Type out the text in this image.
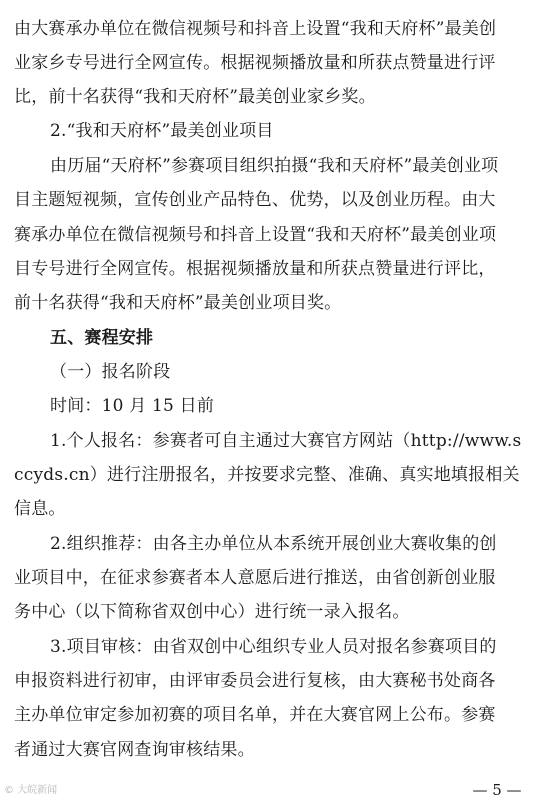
由大赛承办单位在微信视频号和抖音上设置“我和天府杯”最美创
业家乡专号进行全网宣传。根据视频播放量和所获点赞量进行评
比，前十名获得“我和天府杯”最美创业家乡奖。
2.“我和天府杯”最美创业项目
由历届“天府杯”参赛项目组织拍摄“我和天府杯”最美创业项
目主题短视频，宣传创业产品特色、优势，以及创业历程。由大
赛承办单位在微信视频号和抖音上设置“我和天府杯”最美创业项
目专号进行全网宣传。根据视频播放量和所获点赞量进行评比，
前十名获得“我和天府杯”最美创业项目奖。
五、赛程安排
（一）报名阶段
时间：10 月 15 日前
1.个人报名：参赛者可自主通过大赛官方网站（http://www.s
ccyds.cn）进行注册报名，并按要求完整、准确、真实地填报相关
信息。
2.组织推荐：由各主办单位从本系统开展创业大赛收集的创
业项目中，在征求参赛者本人意愿后进行推送，由省创新创业服
务中心（以下简称省双创中心）进行统一录入报名。
3.项目审核：由省双创中心组织专业人员对报名参赛项目的
申报资料进行初审，由评审委员会进行复核，由大赛秘书处商各
主办单位审定参加初赛的项目名单，并在大赛官网上公布。参赛
者通过大赛官网查询审核结果。
— 5 —
© 大皖新闻
